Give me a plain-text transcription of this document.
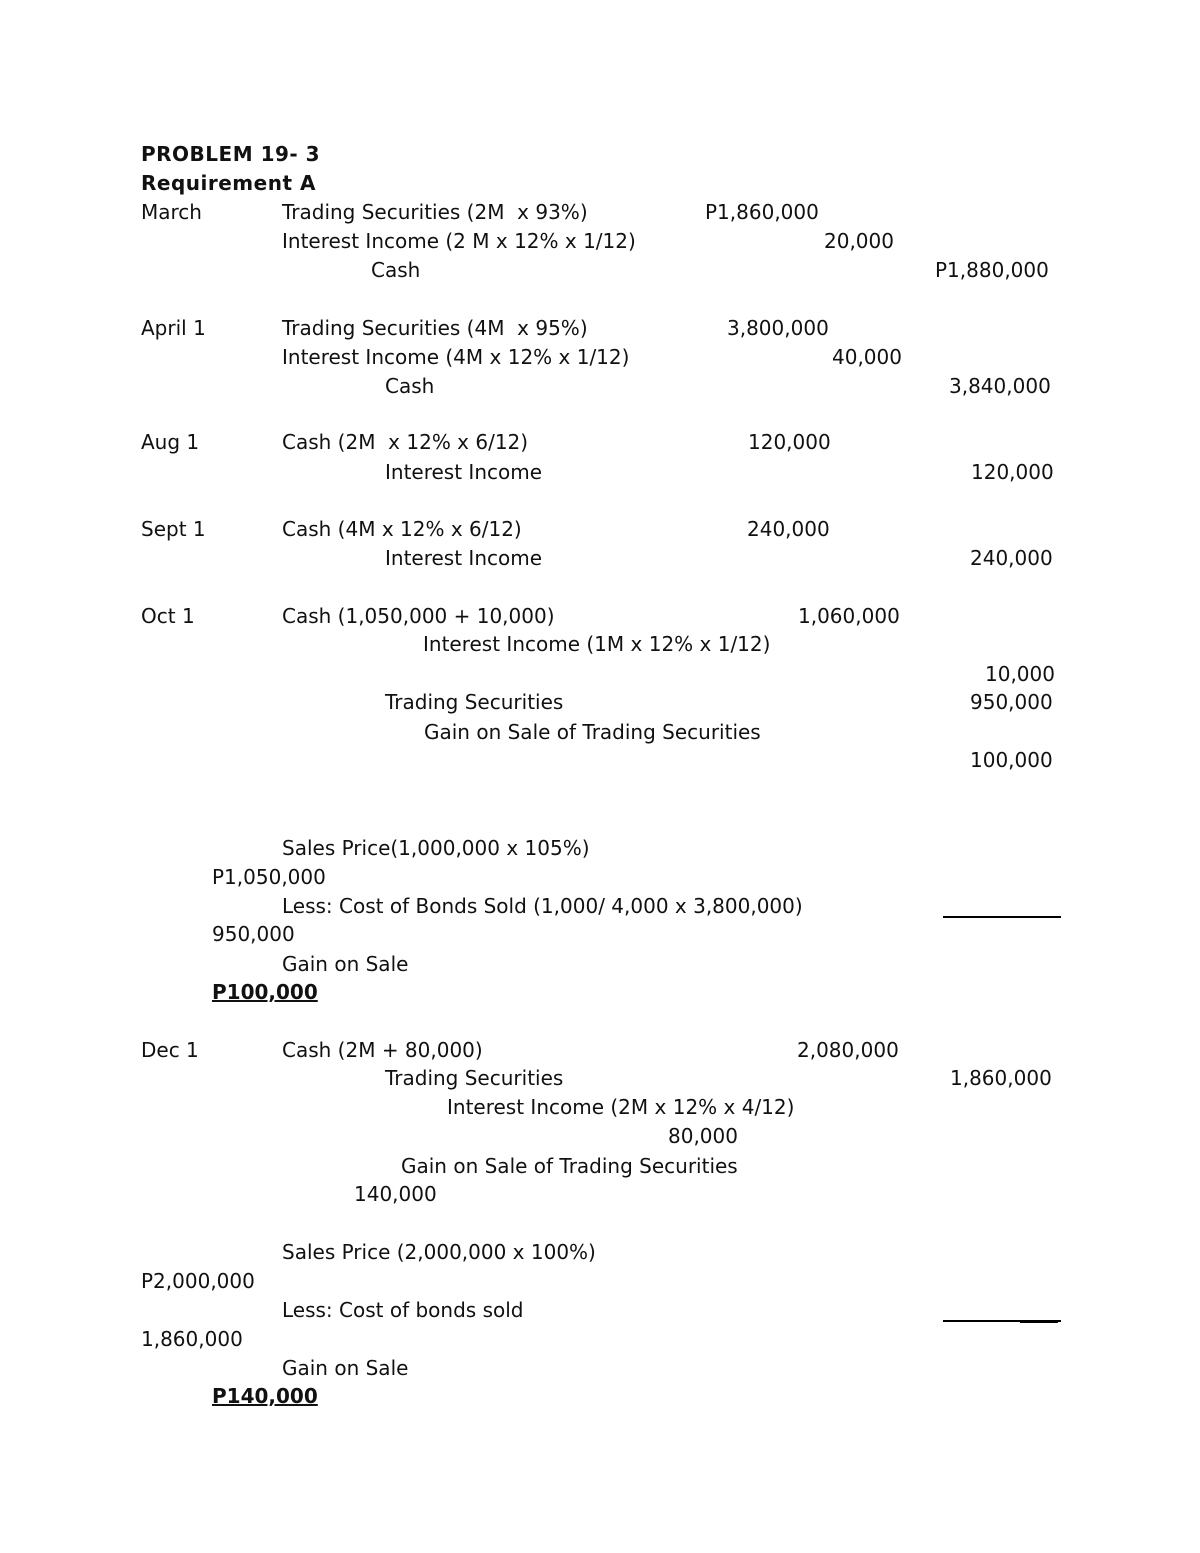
PROBLEM 19- 3
Requirement A
March	Trading Securities (2M  x 93%)	P1,860,000
Interest Income (2 M x 12% x 1/12)	20,000
Cash	P1,880,000
April 1	Trading Securities (4M  x 95%)	3,800,000
Interest Income (4M x 12% x 1/12)	40,000
Cash	3,840,000
Aug 1	Cash (2M  x 12% x 6/12)	120,000
Interest Income	120,000
Sept 1	Cash (4M x 12% x 6/12)	240,000
Interest Income	240,000
Oct 1	Cash (1,050,000 + 10,000)	1,060,000
Interest Income (1M x 12% x 1/12)
10,000
Trading Securities	950,000
Gain on Sale of Trading Securities
100,000
Sales Price(1,000,000 x 105%)
P1,050,000
Less: Cost of Bonds Sold (1,000/ 4,000 x 3,800,000)
950,000
Gain on Sale
P100,000
Dec 1	Cash (2M + 80,000)	2,080,000
Trading Securities	1,860,000
Interest Income (2M x 12% x 4/12)
80,000
Gain on Sale of Trading Securities
140,000
Sales Price (2,000,000 x 100%)
P2,000,000
Less: Cost of bonds sold
1,860,000
Gain on Sale
P140,000
